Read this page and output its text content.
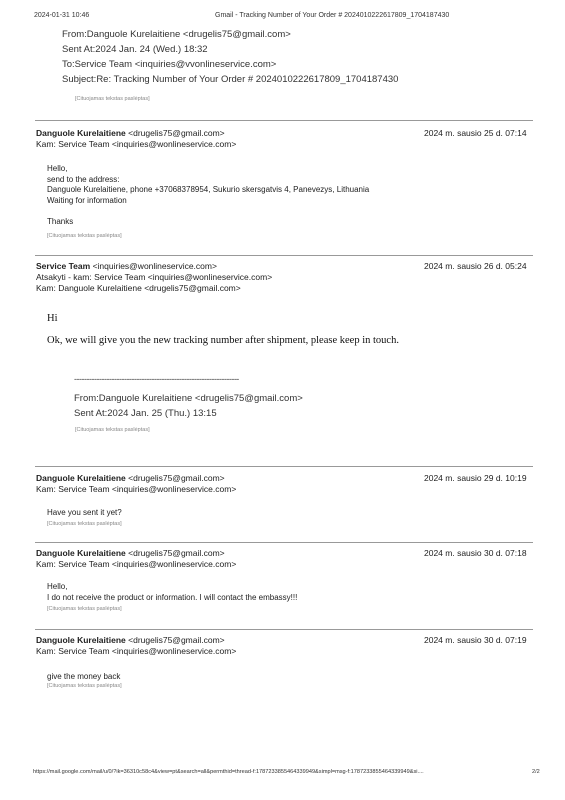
2024-01-31 10:46	Gmail - Tracking Number of Your Order # 2024010222617809_1704187430
From:Danguole Kurelaitiene <drugelis75@gmail.com>
Sent At:2024 Jan. 24 (Wed.) 18:32
To:Service Team <inquiries@vvonlineservice.com>
Subject:Re: Tracking Number of Your Order # 2024010222617809_1704187430
[Cituojamas tekstas paslėptas]
Danguole Kurelaitiene <drugelis75@gmail.com>
Kam: Service Team <inquiries@wonlineservice.com>
2024 m. sausio 25 d. 07:14
Hello,
send to the address:
Danguole Kurelaitiene, phone +37068378954, Sukurio skersgatvis 4, Panevezys, Lithuania
Waiting for information
Thanks
[Cituojamas tekstas paslėptas]
Service Team <inquiries@wonlineservice.com>
Atsakyti - kam: Service Team <inquiries@wonlineservice.com>
Kam: Danguole Kurelaitiene <drugelis75@gmail.com>
2024 m. sausio 26 d. 05:24
Hi
Ok, we will give you the new tracking number after shipment, please keep in touch.
------------------------------------------------------------------
From:Danguole Kurelaitiene <drugelis75@gmail.com>
Sent At:2024 Jan. 25 (Thu.) 13:15
[Cituojamas tekstas paslėptas]
Danguole Kurelaitiene <drugelis75@gmail.com>
Kam: Service Team <inquiries@wonlineservice.com>
2024 m. sausio 29 d. 10:19
Have you sent it yet?
[Cituojamas tekstas paslėptas]
Danguole Kurelaitiene <drugelis75@gmail.com>
Kam: Service Team <inquiries@wonlineservice.com>
2024 m. sausio 30 d. 07:18
Hello,
I do not receive the product or information. I will contact the embassy!!!
[Cituojamas tekstas paslėptas]
Danguole Kurelaitiene <drugelis75@gmail.com>
Kam: Service Team <inquiries@wonlineservice.com>
2024 m. sausio 30 d. 07:19
give the money back
[Cituojamas tekstas paslėptas]
https://mail.google.com/mail/u/0/?ik=36310c58c4&view=pt&search=all&permthid=thread-f:1787233855464339949&simpl=msg-f:1787233855464339949&si....	2/2
